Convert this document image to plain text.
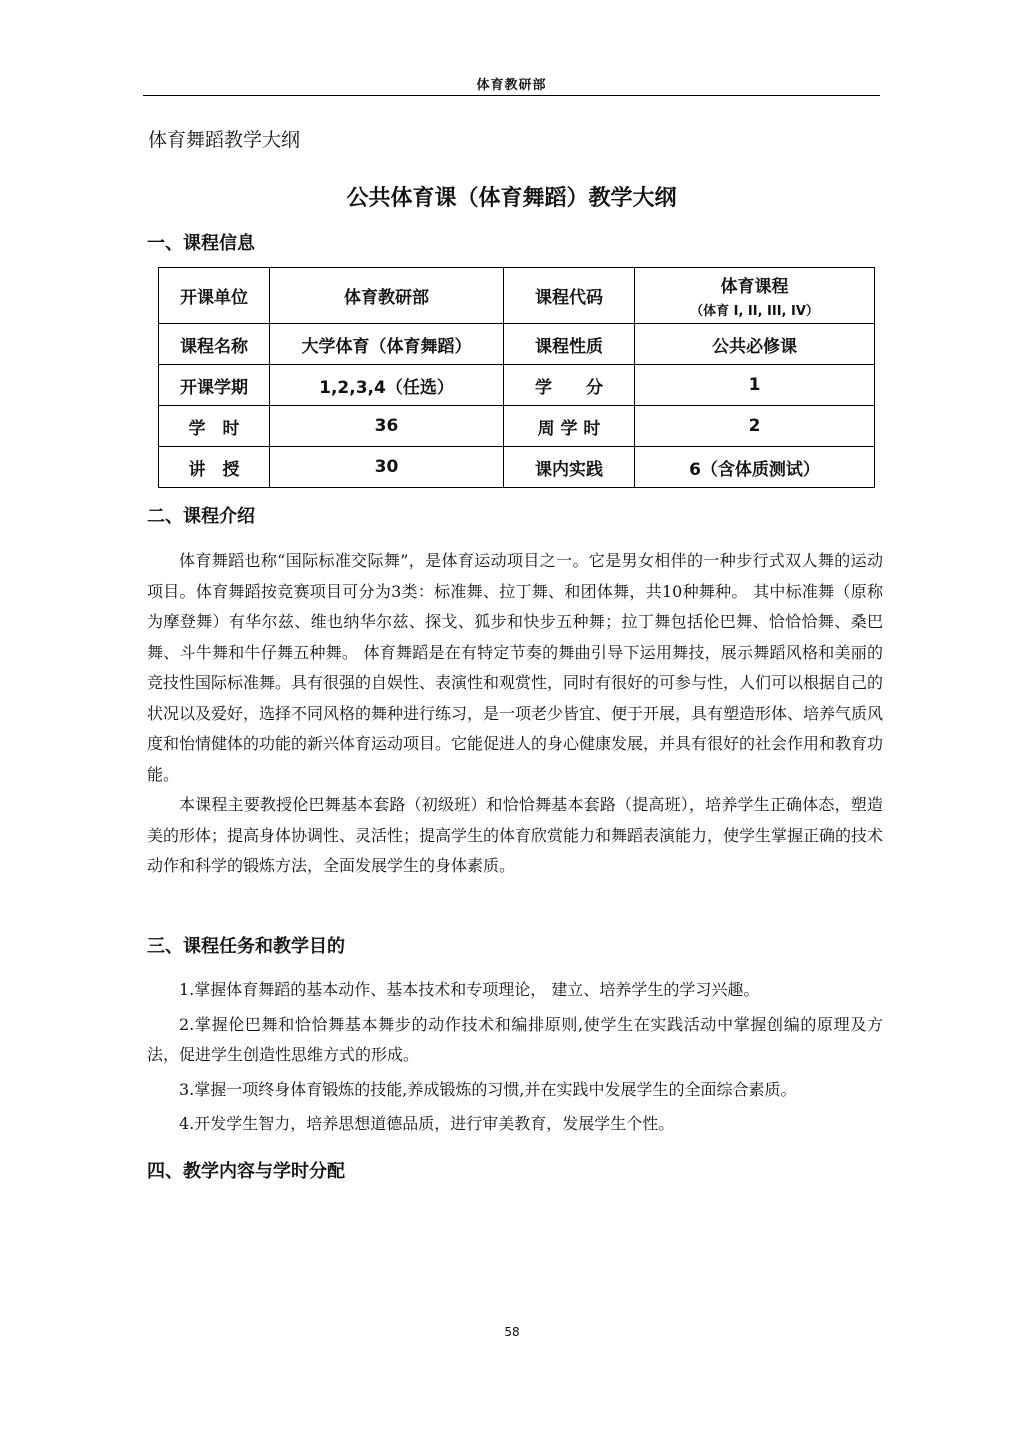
体育教研部
体育舞蹈教学大纲
公共体育课（体育舞蹈）教学大纲
一、课程信息
开课单位	体育教研部	课程代码	体育课程
（体育 I, II, III, IV）

课程名称	大学体育（体育舞蹈）	课程性质	公共必修课
开课学期	1,2,3,4（任选）	学　　分	1
学　时	36	周 学 时	2
讲　授	30	课内实践	6（含体质测试）
二、课程介绍

体育舞蹈也称“国际标准交际舞”，是体育运动项目之一。它是男女相伴的一种步行式双人舞的运动项目。体育舞蹈按竞赛项目可分为3类：标准舞、拉丁舞、和团体舞，共10种舞种。 其中标准舞（原称为摩登舞）有华尔兹、维也纳华尔兹、探戈、狐步和快步五种舞；拉丁舞包括伦巴舞、恰恰恰舞、桑巴舞、斗牛舞和牛仔舞五种舞。 体育舞蹈是在有特定节奏的舞曲引导下运用舞技，展示舞蹈风格和美丽的竞技性国际标准舞。具有很强的自娱性、表演性和观赏性，同时有很好的可参与性，人们可以根据自己的状况以及爱好，选择不同风格的舞种进行练习，是一项老少皆宜、便于开展，具有塑造形体、培养气质风度和怡情健体的功能的新兴体育运动项目。它能促进人的身心健康发展，并具有很好的社会作用和教育功能。

本课程主要教授伦巴舞基本套路（初级班）和恰恰舞基本套路（提高班），培养学生正确体态，塑造美的形体；提高身体协调性、灵活性；提高学生的体育欣赏能力和舞蹈表演能力，使学生掌握正确的技术动作和科学的锻炼方法，全面发展学生的身体素质。

三、课程任务和教学目的

1.掌握体育舞蹈的基本动作、基本技术和专项理论， 建立、培养学生的学习兴趣。

2.掌握伦巴舞和恰恰舞基本舞步的动作技术和编排原则,使学生在实践活动中掌握创编的原理及方法，促进学生创造性思维方式的形成。

3.掌握一项终身体育锻炼的技能,养成锻炼的习惯,并在实践中发展学生的全面综合素质。

4.开发学生智力，培养思想道德品质，进行审美教育，发展学生个性。

四、教学内容与学时分配
58
